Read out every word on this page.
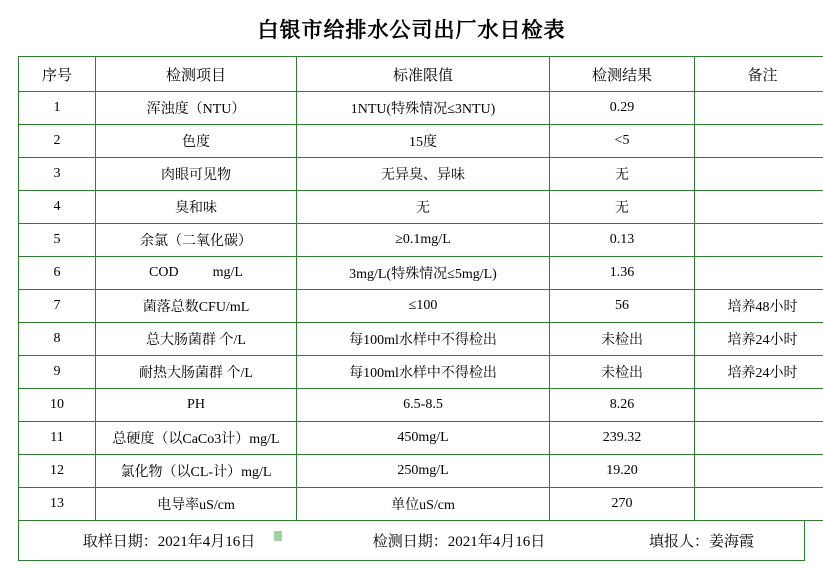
白银市给排水公司出厂水日检表
序号	检测项目	标准限值	检测结果	备注
1	浑浊度（NTU）	1NTU(特殊情况≤3NTU)	0.29	
2	色度	15度	<5	
3	肉眼可见物	无异臭、异味	无	
4	臭和味	无	无	
5	余氯（二氧化碳）	≥0.1mg/L	0.13	
6	COD mg/L	3mg/L(特殊情况≤5mg/L)	1.36	
7	菌落总数CFU/mL	≤100	56	培养48小时
8	总大肠菌群 个/L	每100ml水样中不得检出	未检出	培养24小时
9	耐热大肠菌群 个/L	每100ml水样中不得检出	未检出	培养24小时
10	PH	6.5-8.5	8.26	
11	总硬度（以CaCo3计）mg/L	450mg/L	239.32	
12	氯化物（以CL-计）mg/L	250mg/L	19.20	
13	电导率uS/cm	单位uS/cm	270	
取样日期：2021年4月16日	检测日期：2021年4月16日	填报人：姜海霞
